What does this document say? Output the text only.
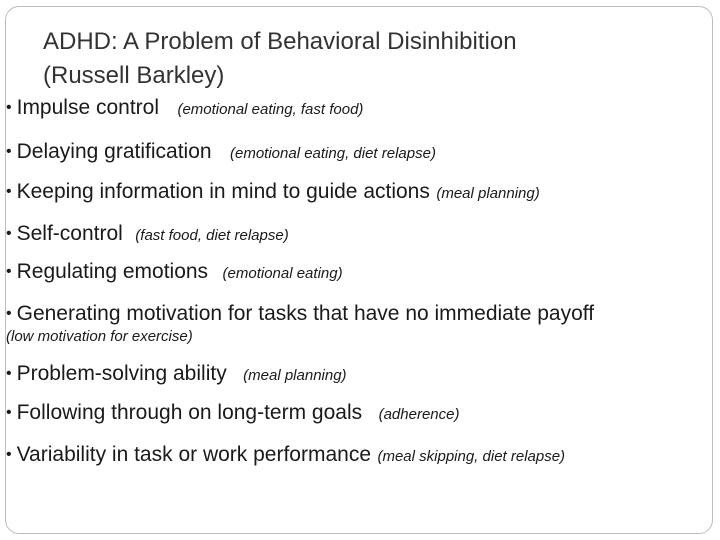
ADHD: A Problem of Behavioral Disinhibition
(Russell Barkley)
• Impulse control (emotional eating, fast food)
• Delaying gratification (emotional eating, diet relapse)
• Keeping information in mind to guide actions (meal planning)
• Self-control (fast food, diet relapse)
• Regulating emotions (emotional eating)
• Generating motivation for tasks that have no immediate payoff
(low motivation for exercise)
• Problem-solving ability (meal planning)
• Following through on long-term goals (adherence)
• Variability in task or work performance (meal skipping, diet relapse)
